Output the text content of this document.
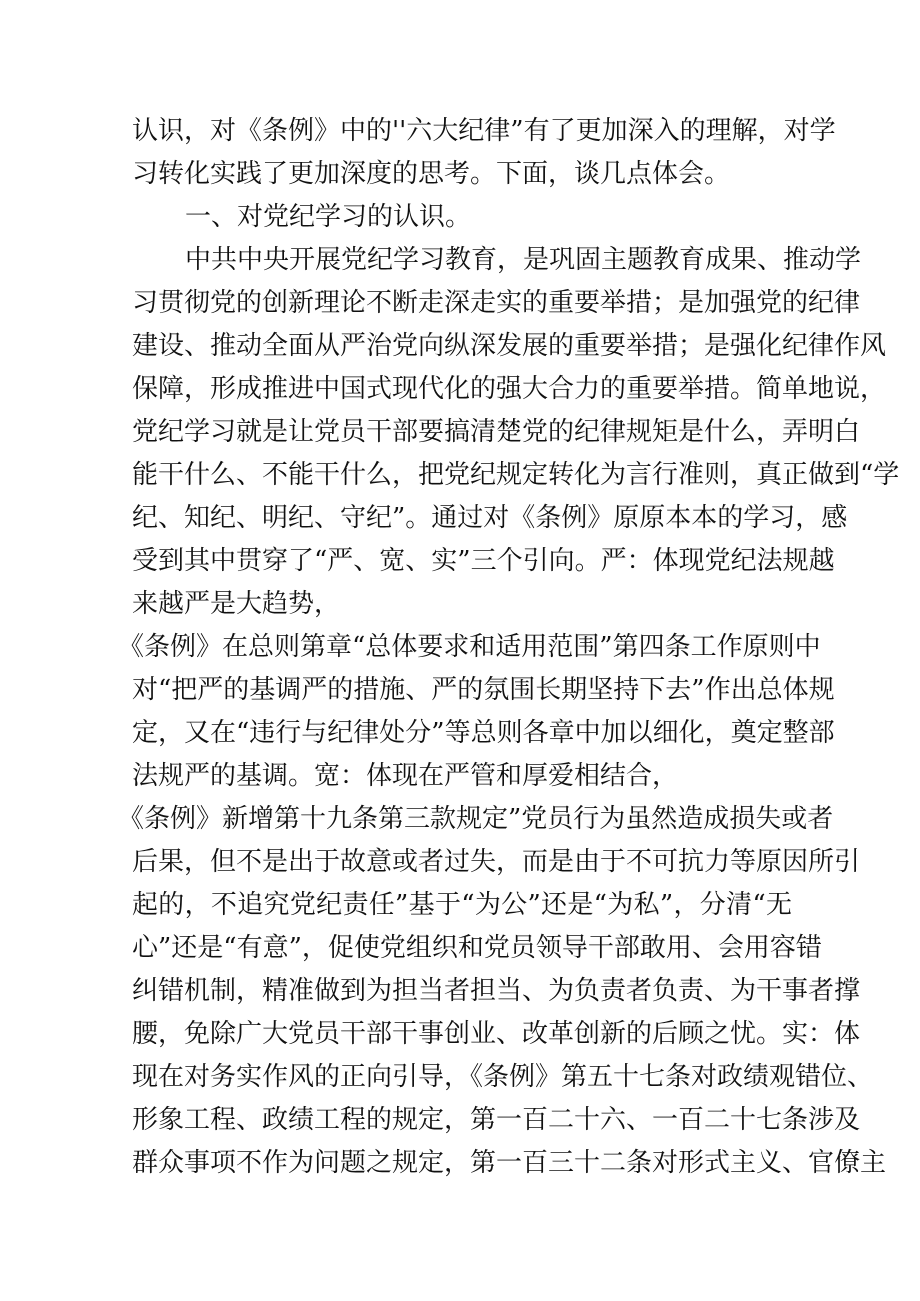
认识，对《条例》中的''六大纪律”有了更加深入的理解，对学
习转化实践了更加深度的思考。下面，谈几点体会。
一、对党纪学习的认识。
中共中央开展党纪学习教育，是巩固主题教育成果、推动学
习贯彻党的创新理论不断走深走实的重要举措；是加强党的纪律
建设、推动全面从严治党向纵深发展的重要举措；是强化纪律作风
保障，形成推进中国式现代化的强大合力的重要举措。简单地说，
党纪学习就是让党员干部要搞清楚党的纪律规矩是什么，弄明白
能干什么、不能干什么，把党纪规定转化为言行准则，真正做到“学
纪、知纪、明纪、守纪”。通过对《条例》原原本本的学习，感
受到其中贯穿了“严、宽、实”三个引向。严：体现党纪法规越
来越严是大趋势，
《条例》在总则第章“总体要求和适用范围”第四条工作原则中
对“把严的基调严的措施、严的氛围长期坚持下去”作出总体规
定，又在“违行与纪律处分”等总则各章中加以细化，奠定整部
法规严的基调。宽：体现在严管和厚爱相结合，
《条例》新增第十九条第三款规定”党员行为虽然造成损失或者
后果，但不是出于故意或者过失，而是由于不可抗力等原因所引
起的，不追究党纪责任”基于“为公”还是“为私”，分清“无
心”还是“有意”，促使党组织和党员领导干部敢用、会用容错
纠错机制，精准做到为担当者担当、为负责者负责、为干事者撑
腰，免除广大党员干部干事创业、改革创新的后顾之忧。实：体
现在对务实作风的正向引导，《条例》第五十七条对政绩观错位、
形象工程、政绩工程的规定，第一百二十六、一百二十七条涉及
群众事项不作为问题之规定，第一百三十二条对形式主义、官僚主
